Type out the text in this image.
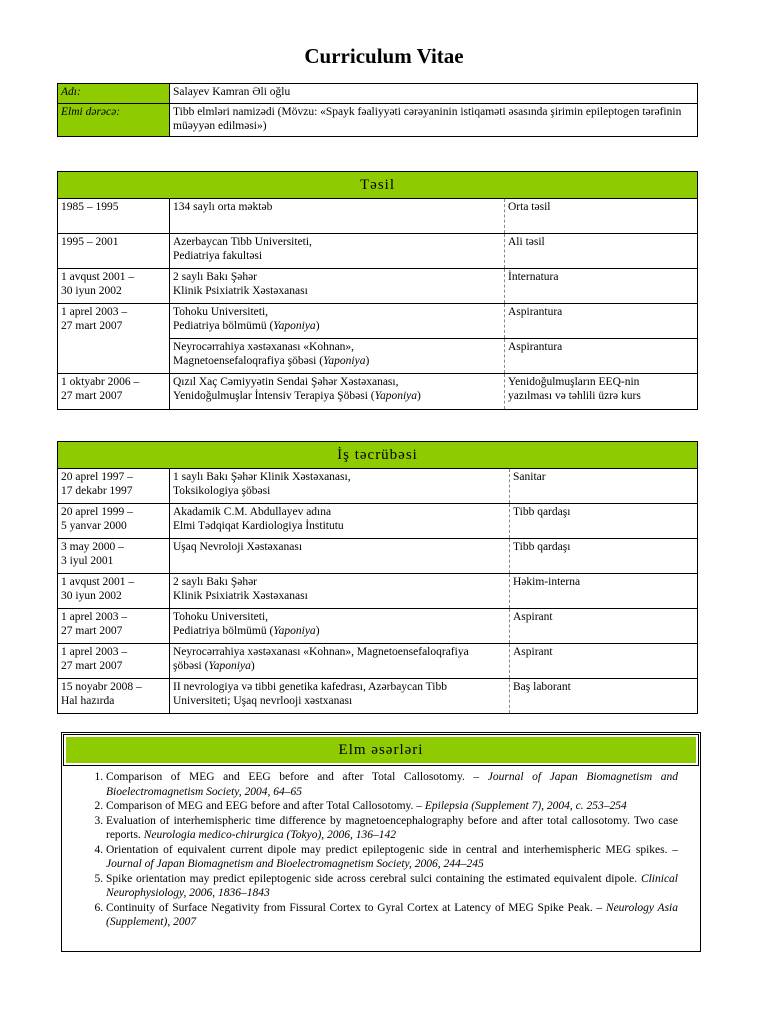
Curriculum Vitae
Adı:	Salayev Kamran Əli oğlu
Elmi dərəcə:	Tibb elmləri namizədi (Mövzu: «Spayk fəaliyyəti cərəyaninin istiqaməti əsasında şirimin epileptogen tərəfinin müəyyən edilməsi»)
Təsil		
1985 – 1995	134 saylı orta məktəb	Orta təsil
1995 – 2001	Azerbaycan Tibb Universiteti,
Pediatriya fakultəsi	Ali təsil
1 avqust 2001 –
30 iyun 2002	2 saylı Bakı Şəhər
Klinik Psixiatrik Xəstəxanası	İnternatura
1 aprel 2003 –
27 mart 2007	Tohoku Universiteti,
Pediatriya bölmümü (Yaponiya)	Aspirantura
	Neyrocərrahiya xəstəxanası «Kohnan»,
Magnetoensefaloqrafiya şöbəsi (Yaponiya)	Aspirantura
1 oktyabr 2006 –
27 mart 2007	Qızıl Xaç Cəmiyyətin Sendai Şəhər Xəstəxanası,
Yenidoğulmuşlar İntensiv Terapiya Şöbəsi (Yaponiya)	Yenidoğulmuşların EEQ-nin
yazılması və təhlili üzrə kurs
İş təcrübəsi		
20 aprel 1997 –
17 dekabr 1997	1 saylı Bakı Şəhər Klinik Xəstəxanası,
Toksikologiya şöbəsi	Sanitar
20 aprel 1999 –
5 yanvar 2000	Akadamik C.M. Abdullayev adına
Elmi Tədqiqat Kardiologiya İnstitutu	Tibb qardaşı
3 may 2000 –
3 iyul 2001	Uşaq Nevroloji Xəstəxanası	Tibb qardaşı
1 avqust 2001 –
30 iyun 2002	2 saylı Bakı Şəhər
Klinik Psixiatrik Xəstəxanası	Həkim-interna
1 aprel 2003 –
27 mart 2007	Tohoku Universiteti,
Pediatriya bölmümü (Yaponiya)	Aspirant
1 aprel 2003 –
27 mart 2007	Neyrocərrahiya xəstəxanası «Kohnan», Magnetoensefaloqrafiya
şöbəsi (Yaponiya)	Aspirant
15 noyabr 2008 –
Hal hazırda	II nevrologiya və tibbi genetika kafedrası, Azərbaycan Tibb
Universiteti; Uşaq nevrlooji xəstxanası	Baş laborant
Elm əsərləri
1. Comparison of MEG and EEG before and after Total Callosotomy. – Journal of Japan Biomagnetism and Bioelectromagnetism Society, 2004, 64–65
2. Comparison of MEG and EEG before and after Total Callosotomy. – Epilepsia (Supplement 7), 2004, c. 253–254
3. Evaluation of interhemispheric time difference by magnetoencephalography before and after total callosotomy. Two case reports. Neurologia medico-chirurgica (Tokyo), 2006, 136–142
4. Orientation of equivalent current dipole may predict epileptogenic side in central and interhemispheric MEG spikes. – Journal of Japan Biomagnetism and Bioelectromagnetism Society, 2006, 244–245
5. Spike orientation may predict epileptogenic side across cerebral sulci containing the estimated equivalent dipole. Clinical Neurophysiology, 2006, 1836–1843
6. Continuity of Surface Negativity from Fissural Cortex to Gyral Cortex at Latency of MEG Spike Peak. – Neurology Asia (Supplement), 2007
